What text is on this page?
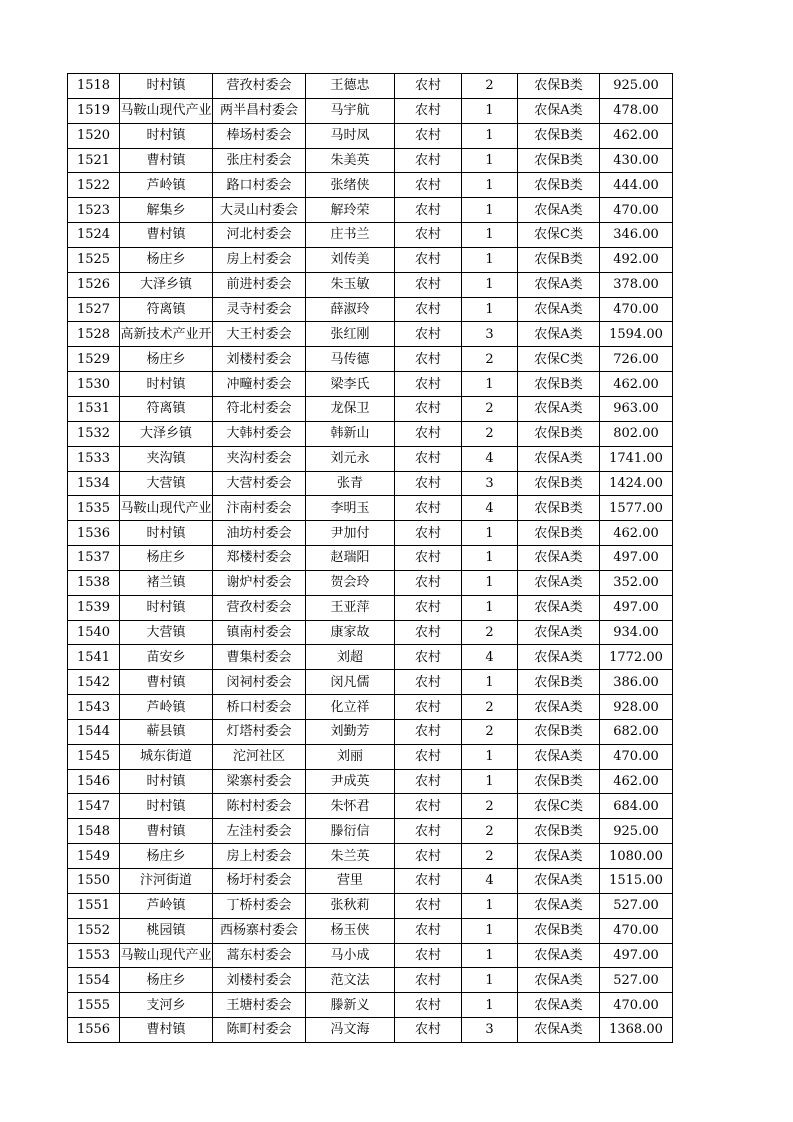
1518	时村镇	营孜村委会	王德忠	农村	2	农保B类	925.00
1519	马鞍山现代产业	两半昌村委会	马宇航	农村	1	农保A类	478.00
1520	时村镇	棒场村委会	马时凤	农村	1	农保B类	462.00
1521	曹村镇	张庄村委会	朱美英	农村	1	农保B类	430.00
1522	芦岭镇	路口村委会	张绪侠	农村	1	农保B类	444.00
1523	解集乡	大灵山村委会	解玲荣	农村	1	农保A类	470.00
1524	曹村镇	河北村委会	庄书兰	农村	1	农保C类	346.00
1525	杨庄乡	房上村委会	刘传美	农村	1	农保B类	492.00
1526	大泽乡镇	前进村委会	朱玉敏	农村	1	农保A类	378.00
1527	符离镇	灵寺村委会	薛淑玲	农村	1	农保A类	470.00
1528	高新技术产业开	大王村委会	张红刚	农村	3	农保A类	1594.00
1529	杨庄乡	刘楼村委会	马传德	农村	2	农保C类	726.00
1530	时村镇	冲疃村委会	梁李氏	农村	1	农保B类	462.00
1531	符离镇	符北村委会	龙保卫	农村	2	农保A类	963.00
1532	大泽乡镇	大韩村委会	韩新山	农村	2	农保B类	802.00
1533	夹沟镇	夹沟村委会	刘元永	农村	4	农保A类	1741.00
1534	大营镇	大营村委会	张青	农村	3	农保B类	1424.00
1535	马鞍山现代产业	汴南村委会	李明玉	农村	4	农保B类	1577.00
1536	时村镇	油坊村委会	尹加付	农村	1	农保B类	462.00
1537	杨庄乡	郑楼村委会	赵瑞阳	农村	1	农保A类	497.00
1538	褚兰镇	谢炉村委会	贺会玲	农村	1	农保A类	352.00
1539	时村镇	营孜村委会	王亚萍	农村	1	农保A类	497.00
1540	大营镇	镇南村委会	康家故	农村	2	农保A类	934.00
1541	苗安乡	曹集村委会	刘超	农村	4	农保A类	1772.00
1542	曹村镇	闵祠村委会	闵凡儒	农村	1	农保B类	386.00
1543	芦岭镇	桥口村委会	化立祥	农村	2	农保A类	928.00
1544	蕲县镇	灯塔村委会	刘勤芳	农村	2	农保B类	682.00
1545	城东街道	沱河社区	刘丽	农村	1	农保A类	470.00
1546	时村镇	梁寨村委会	尹成英	农村	1	农保B类	462.00
1547	时村镇	陈村村委会	朱怀君	农村	2	农保C类	684.00
1548	曹村镇	左洼村委会	滕衍信	农村	2	农保B类	925.00
1549	杨庄乡	房上村委会	朱兰英	农村	2	农保A类	1080.00
1550	汴河街道	杨圩村委会	营里	农村	4	农保A类	1515.00
1551	芦岭镇	丁桥村委会	张秋莉	农村	1	农保A类	527.00
1552	桃园镇	西杨寨村委会	杨玉侠	农村	1	农保B类	470.00
1553	马鞍山现代产业	蒿东村委会	马小成	农村	1	农保A类	497.00
1554	杨庄乡	刘楼村委会	范文法	农村	1	农保A类	527.00
1555	支河乡	王塘村委会	滕新义	农村	1	农保A类	470.00
1556	曹村镇	陈町村委会	冯文海	农村	3	农保A类	1368.00
